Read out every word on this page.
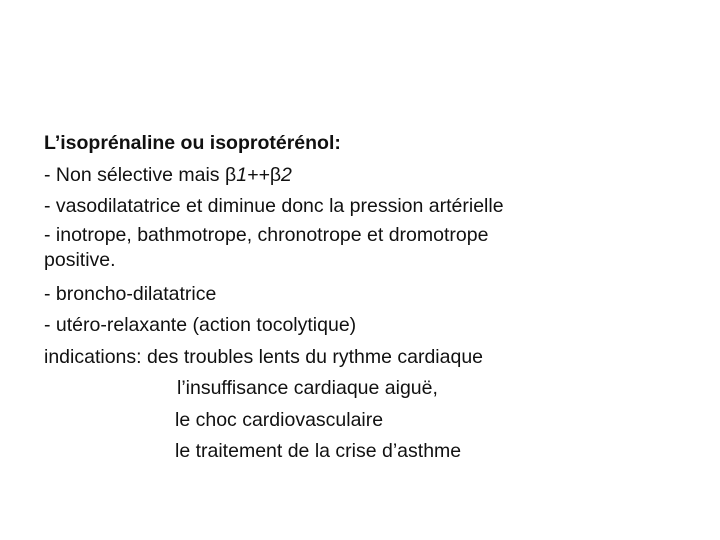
L’isoprénaline ou isoprotérénol:
- Non sélective mais β1++β2
- vasodilatatrice et diminue donc la pression artérielle
- inotrope, bathmotrope, chronotrope et dromotrope
positive.
- broncho-dilatatrice
- utéro-relaxante (action tocolytique)
indications: des troubles lents du rythme cardiaque
l’insuffisance cardiaque aiguë,
le choc cardiovasculaire
le traitement de la crise d’asthme
